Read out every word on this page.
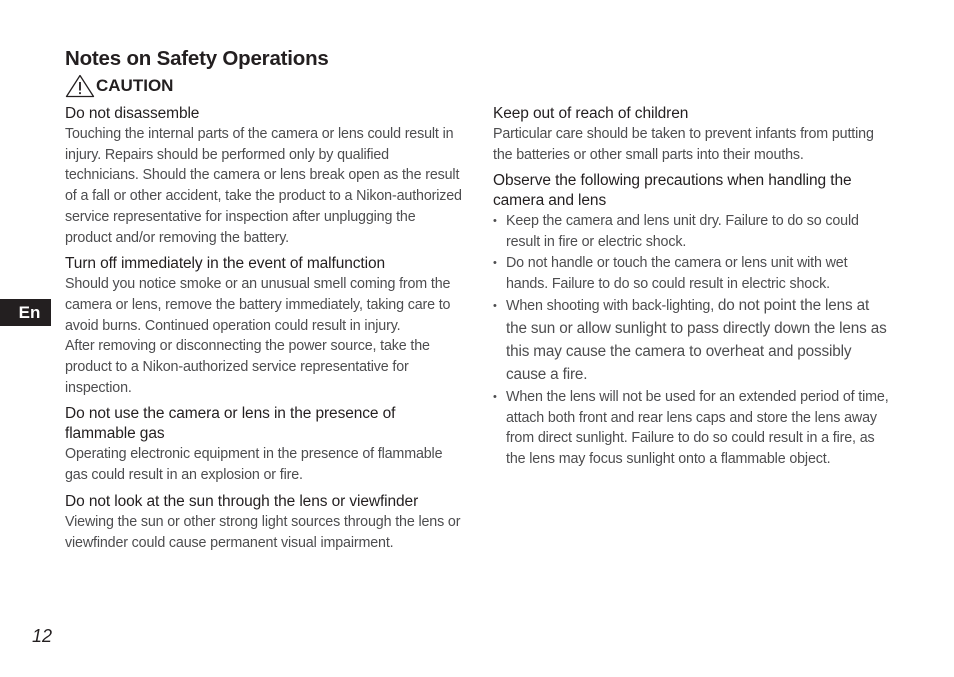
Notes on Safety Operations
CAUTION
En
12
Do not disassemble
Touching the internal parts of the camera or lens could result in injury. Repairs should be performed only by qualified technicians. Should the camera or lens break open as the result of a fall or other accident, take the product to a Nikon-authorized service representative for inspection after unplugging the product and/or removing the battery.
Turn off immediately in the event of malfunction
Should you notice smoke or an unusual smell coming from the camera or lens, remove the battery immediately, taking care to avoid burns. Continued operation could result in injury.
After removing or disconnecting the power source, take the product to a Nikon-authorized service representative for inspection.
Do not use the camera or lens in the presence of flammable gas
Operating electronic equipment in the presence of flammable gas could result in an explosion or fire.
Do not look at the sun through the lens or viewfinder
Viewing the sun or other strong light sources through the lens or viewfinder could cause permanent visual impairment.
Keep out of reach of children
Particular care should be taken to prevent infants from putting the batteries or other small parts into their mouths.
Observe the following precautions when handling the camera and lens
• Keep the camera and lens unit dry. Failure to do so could result in fire or electric shock.
• Do not handle or touch the camera or lens unit with wet hands. Failure to do so could result in electric shock.
• When shooting with back-lighting, do not point the lens at the sun or allow sunlight to pass directly down the lens as this may cause the camera to overheat and possibly cause a fire.
• When the lens will not be used for an extended period of time, attach both front and rear lens caps and store the lens away from direct sunlight. Failure to do so could result in a fire, as the lens may focus sunlight onto a flammable object.
